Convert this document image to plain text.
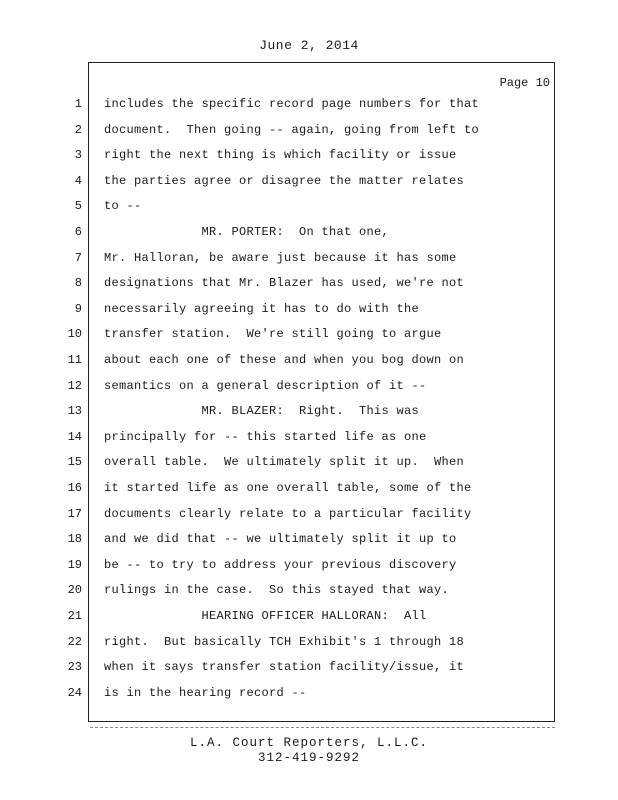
June 2, 2014
Page 10
1 includes the specific record page numbers for that
2 document.  Then going -- again, going from left to
3 right the next thing is which facility or issue
4 the parties agree or disagree the matter relates
5 to --
6 MR. PORTER:  On that one,
7 Mr. Halloran, be aware just because it has some
8 designations that Mr. Blazer has used, we're not
9 necessarily agreeing it has to do with the
10 transfer station.  We're still going to argue
11 about each one of these and when you bog down on
12 semantics on a general description of it --
13 MR. BLAZER:  Right.  This was
14 principally for -- this started life as one
15 overall table.  We ultimately split it up.  When
16 it started life as one overall table, some of the
17 documents clearly relate to a particular facility
18 and we did that -- we ultimately split it up to
19 be -- to try to address your previous discovery
20 rulings in the case.  So this stayed that way.
21 HEARING OFFICER HALLORAN:  All
22 right.  But basically TCH Exhibit's 1 through 18
23 when it says transfer station facility/issue, it
24 is in the hearing record --
L.A. Court Reporters, L.L.C.
312-419-9292
